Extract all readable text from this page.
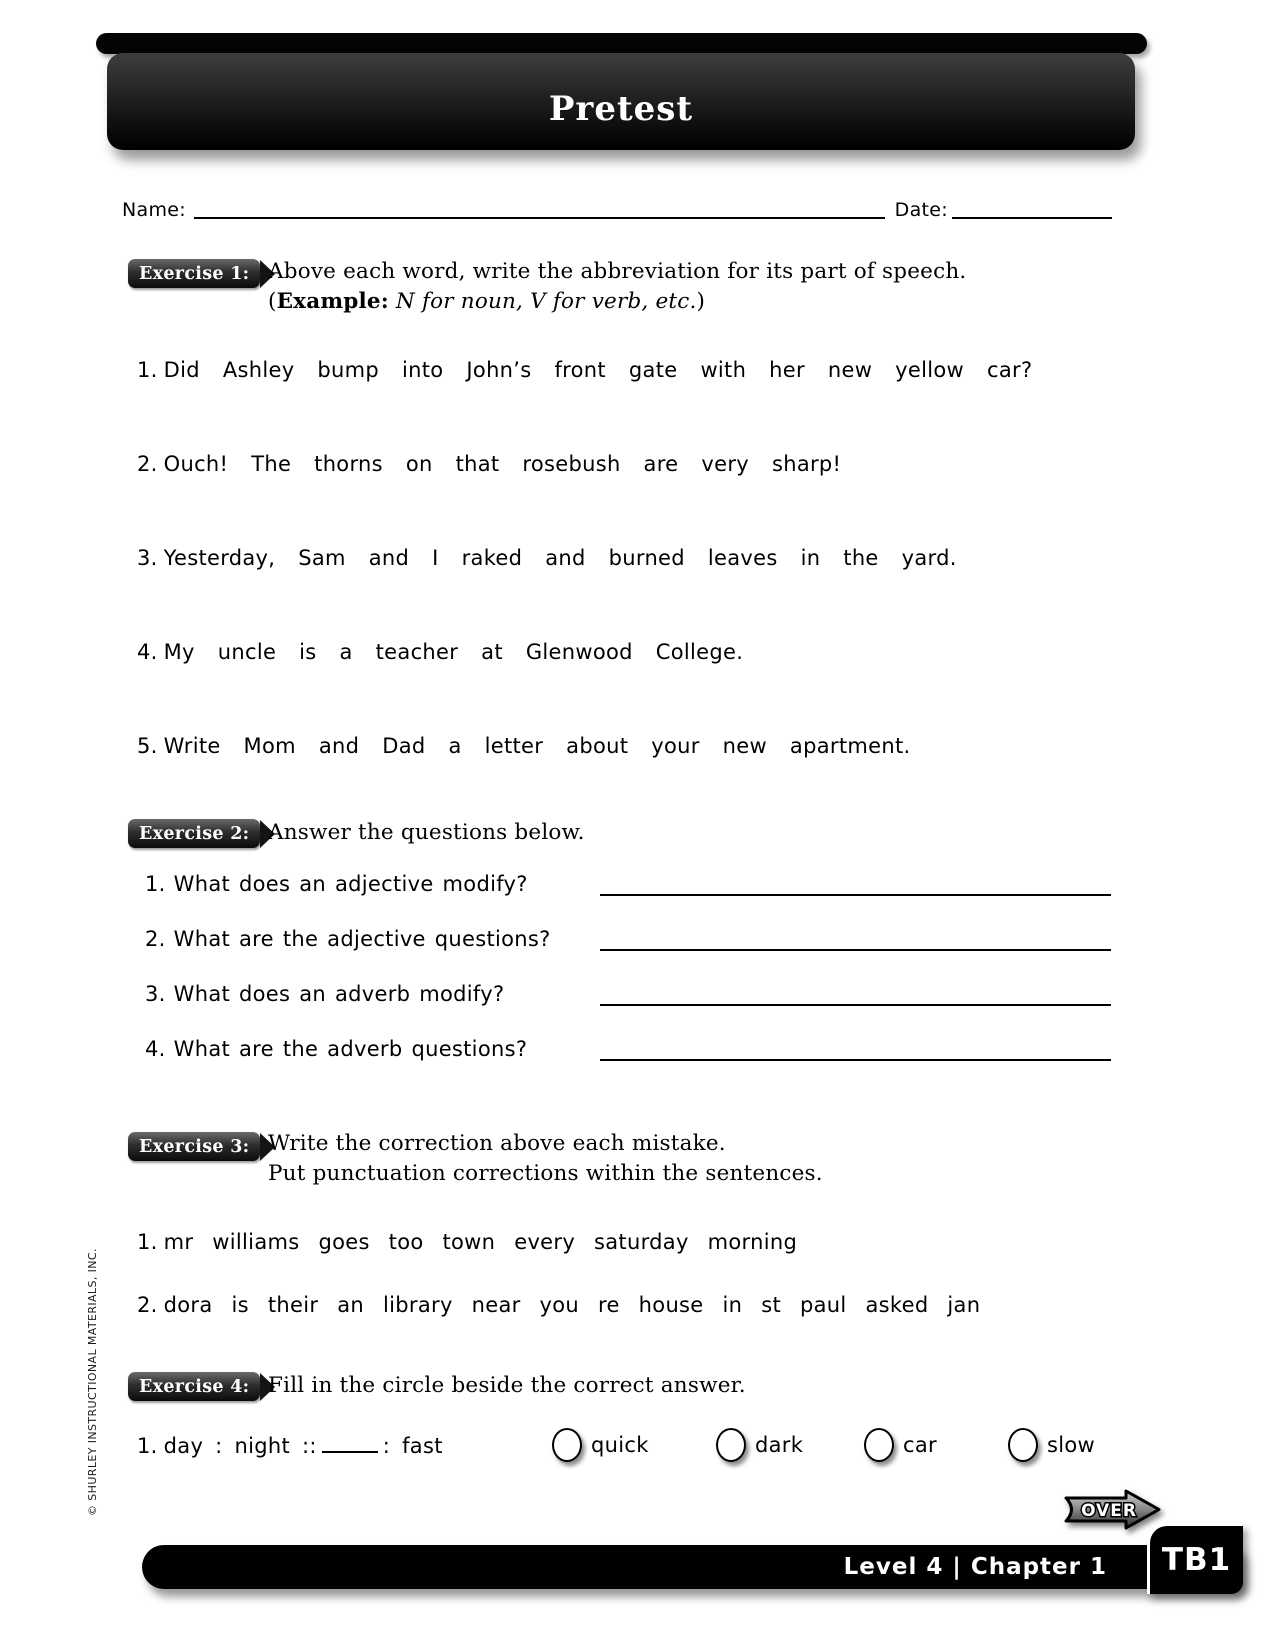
Pretest
Name:	Date:
Exercise 1: Above each word, write the abbreviation for its part of speech.
(Example: N for noun, V for verb, etc.)
1. Did Ashley bump into John’s front gate with her new yellow car?
2. Ouch! The thorns on that rosebush are very sharp!
3. Yesterday, Sam and I raked and burned leaves in the yard.
4. My uncle is a teacher at Glenwood College.
5. Write Mom and Dad a letter about your new apartment.
Exercise 2: Answer the questions below.
1. What does an adjective modify?
2. What are the adjective questions?
3. What does an adverb modify?
4. What are the adverb questions?
Exercise 3: Write the correction above each mistake.
Put punctuation corrections within the sentences.
1. mr williams goes too town every saturday morning
2. dora is their an library near you re house in st paul asked jan
Exercise 4: Fill in the circle beside the correct answer.
1. day : night ::	: fast	quick	dark	car	slow
OVER
Level 4 | Chapter 1 TB1
© SHURLEY INSTRUCTIONAL MATERIALS, INC.
